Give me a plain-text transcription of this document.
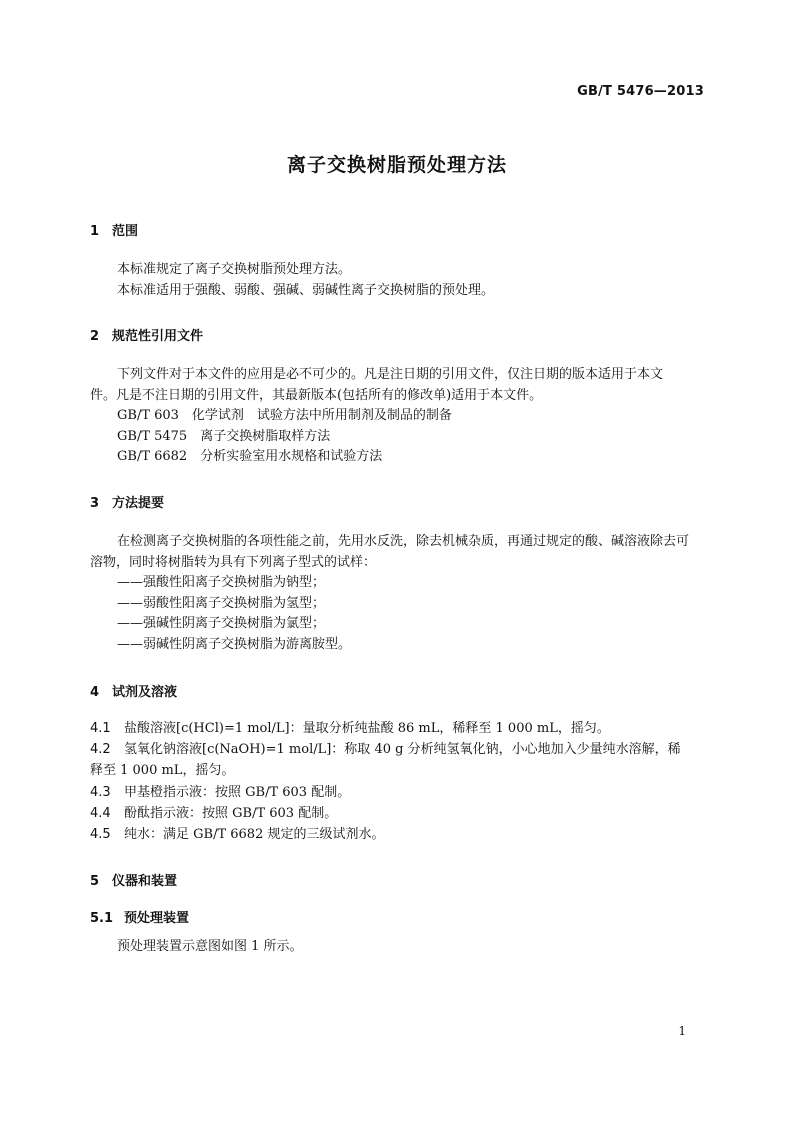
GB/T 5476—2013
离子交换树脂预处理方法
1 范围
本标准规定了离子交换树脂预处理方法。
本标准适用于强酸、弱酸、强碱、弱碱性离子交换树脂的预处理。
2 规范性引用文件
下列文件对于本文件的应用是必不可少的。凡是注日期的引用文件，仅注日期的版本适用于本文
件。凡是不注日期的引用文件，其最新版本(包括所有的修改单)适用于本文件。
GB/T 603　化学试剂　试验方法中所用制剂及制品的制备
GB/T 5475　离子交换树脂取样方法
GB/T 6682　分析实验室用水规格和试验方法
3 方法提要
在检测离子交换树脂的各项性能之前，先用水反洗，除去机械杂质，再通过规定的酸、碱溶液除去可
溶物，同时将树脂转为具有下列离子型式的试样：
——强酸性阳离子交换树脂为钠型；
——弱酸性阳离子交换树脂为氢型；
——强碱性阴离子交换树脂为氯型；
——弱碱性阴离子交换树脂为游离胺型。
4 试剂及溶液
4.1 盐酸溶液[c(HCl)=1 mol/L]：量取分析纯盐酸 86 mL，稀释至 1 000 mL，摇匀。
4.2 氢氧化钠溶液[c(NaOH)=1 mol/L]：称取 40 g 分析纯氢氧化钠，小心地加入少量纯水溶解，稀
释至 1 000 mL，摇匀。
4.3 甲基橙指示液：按照 GB/T 603 配制。
4.4 酚酞指示液：按照 GB/T 603 配制。
4.5 纯水：满足 GB/T 6682 规定的三级试剂水。
5 仪器和装置
5.1 预处理装置
预处理装置示意图如图 1 所示。
1
